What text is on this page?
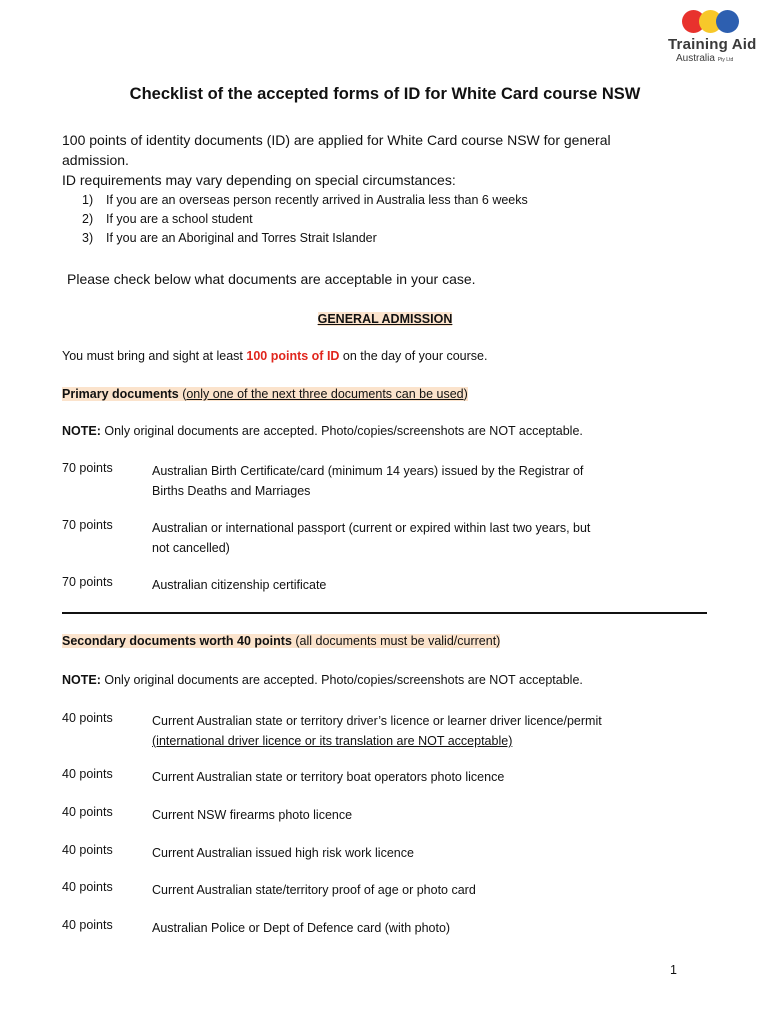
Training Aid
Australia Pty Ltd
Checklist of the accepted forms of ID for White Card course NSW
100 points of identity documents (ID) are applied for White Card course NSW for general
admission.
ID requirements may vary depending on special circumstances:
1) If you are an overseas person recently arrived in Australia less than 6 weeks
2) If you are a school student
3) If you are an Aboriginal and Torres Strait Islander
Please check below what documents are acceptable in your case.
GENERAL ADMISSION
You must bring and sight at least 100 points of ID on the day of your course.
Primary documents (only one of the next three documents can be used)
NOTE: Only original documents are accepted. Photo/copies/screenshots are NOT acceptable.
70 points	Australian Birth Certificate/card (minimum 14 years) issued by the Registrar of
Births Deaths and Marriages
70 points	Australian or international passport (current or expired within last two years, but
not cancelled)
70 points	Australian citizenship certificate
Secondary documents worth 40 points (all documents must be valid/current)
NOTE: Only original documents are accepted. Photo/copies/screenshots are NOT acceptable.
40 points	Current Australian state or territory driver’s licence or learner driver licence/permit
(international driver licence or its translation are NOT acceptable)
40 points	Current Australian state or territory boat operators photo licence
40 points	Current NSW firearms photo licence
40 points	Current Australian issued high risk work licence
40 points	Current Australian state/territory proof of age or photo card
40 points	Australian Police or Dept of Defence card (with photo)
1
